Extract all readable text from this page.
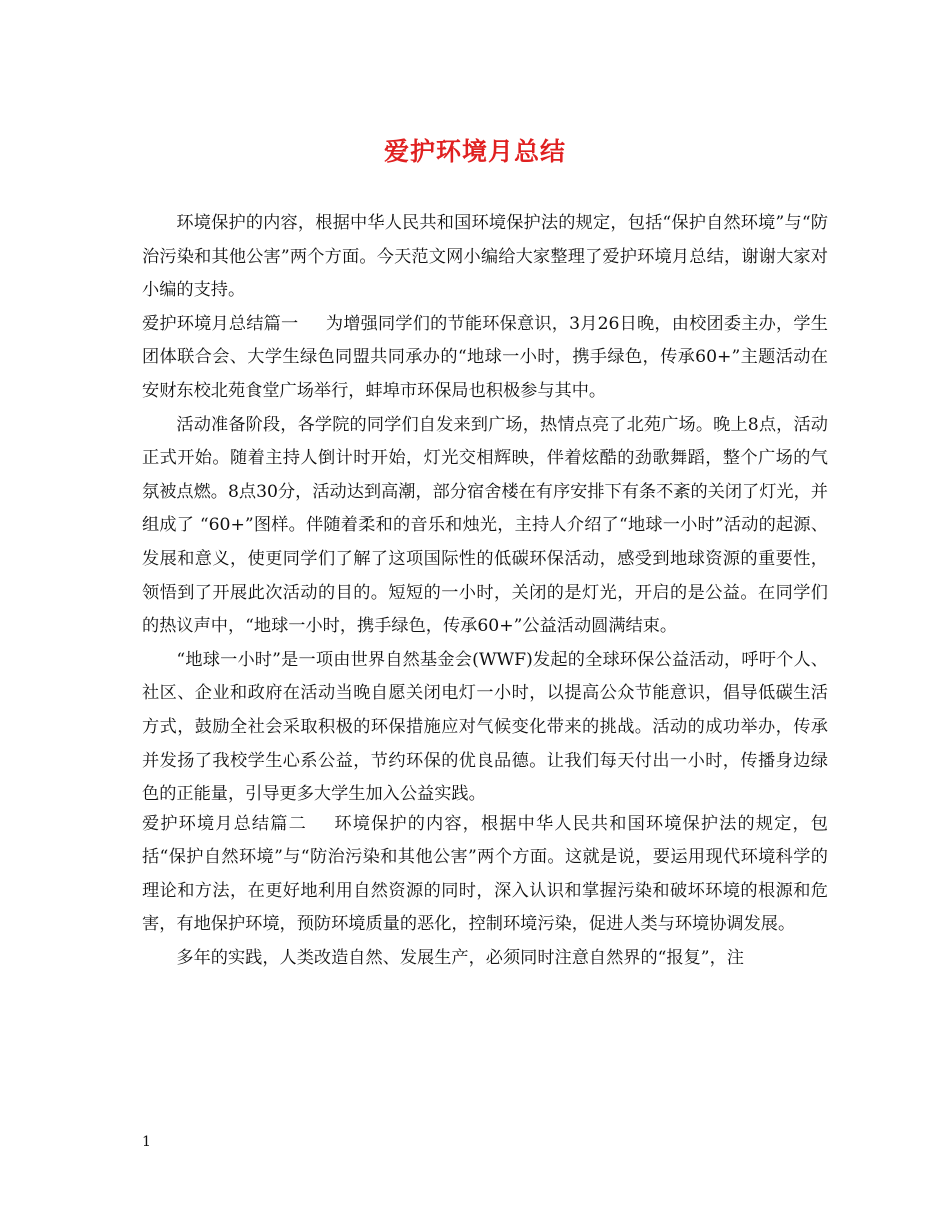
爱护环境月总结

环境保护的内容，根据中华人民共和国环境保护法的规定，包括“保护自然环境”与“防治污染和其他公害”两个方面。今天范文网小编给大家整理了爱护环境月总结，谢谢大家对小编的支持。

爱护环境月总结篇一 为增强同学们的节能环保意识，3月26日晚，由校团委主办，学生团体联合会、大学生绿色同盟共同承办的“地球一小时，携手绿色，传承60+”主题活动在安财东校北苑食堂广场举行，蚌埠市环保局也积极参与其中。

活动准备阶段，各学院的同学们自发来到广场，热情点亮了北苑广场。晚上8点，活动正式开始。随着主持人倒计时开始，灯光交相辉映，伴着炫酷的劲歌舞蹈，整个广场的气氛被点燃。8点30分，活动达到高潮，部分宿舍楼在有序安排下有条不紊的关闭了灯光，并组成了 “60+”图样。伴随着柔和的音乐和烛光，主持人介绍了“地球一小时”活动的起源、发展和意义，使更同学们了解了这项国际性的低碳环保活动，感受到地球资源的重要性，领悟到了开展此次活动的目的。短短的一小时，关闭的是灯光，开启的是公益。在同学们的热议声中，“地球一小时，携手绿色，传承60+”公益活动圆满结束。

“地球一小时”是一项由世界自然基金会(WWF)发起的全球环保公益活动，呼吁个人、社区、企业和政府在活动当晚自愿关闭电灯一小时，以提高公众节能意识，倡导低碳生活方式，鼓励全社会采取积极的环保措施应对气候变化带来的挑战。活动的成功举办，传承并发扬了我校学生心系公益，节约环保的优良品德。让我们每天付出一小时，传播身边绿色的正能量，引导更多大学生加入公益实践。

爱护环境月总结篇二 环境保护的内容，根据中华人民共和国环境保护法的规定，包括“保护自然环境”与“防治污染和其他公害”两个方面。这就是说，要运用现代环境科学的理论和方法，在更好地利用自然资源的同时，深入认识和掌握污染和破坏环境的根源和危害，有地保护环境，预防环境质量的恶化，控制环境污染，促进人类与环境协调发展。

多年的实践，人类改造自然、发展生产，必须同时注意自然界的“报复”，注

1
